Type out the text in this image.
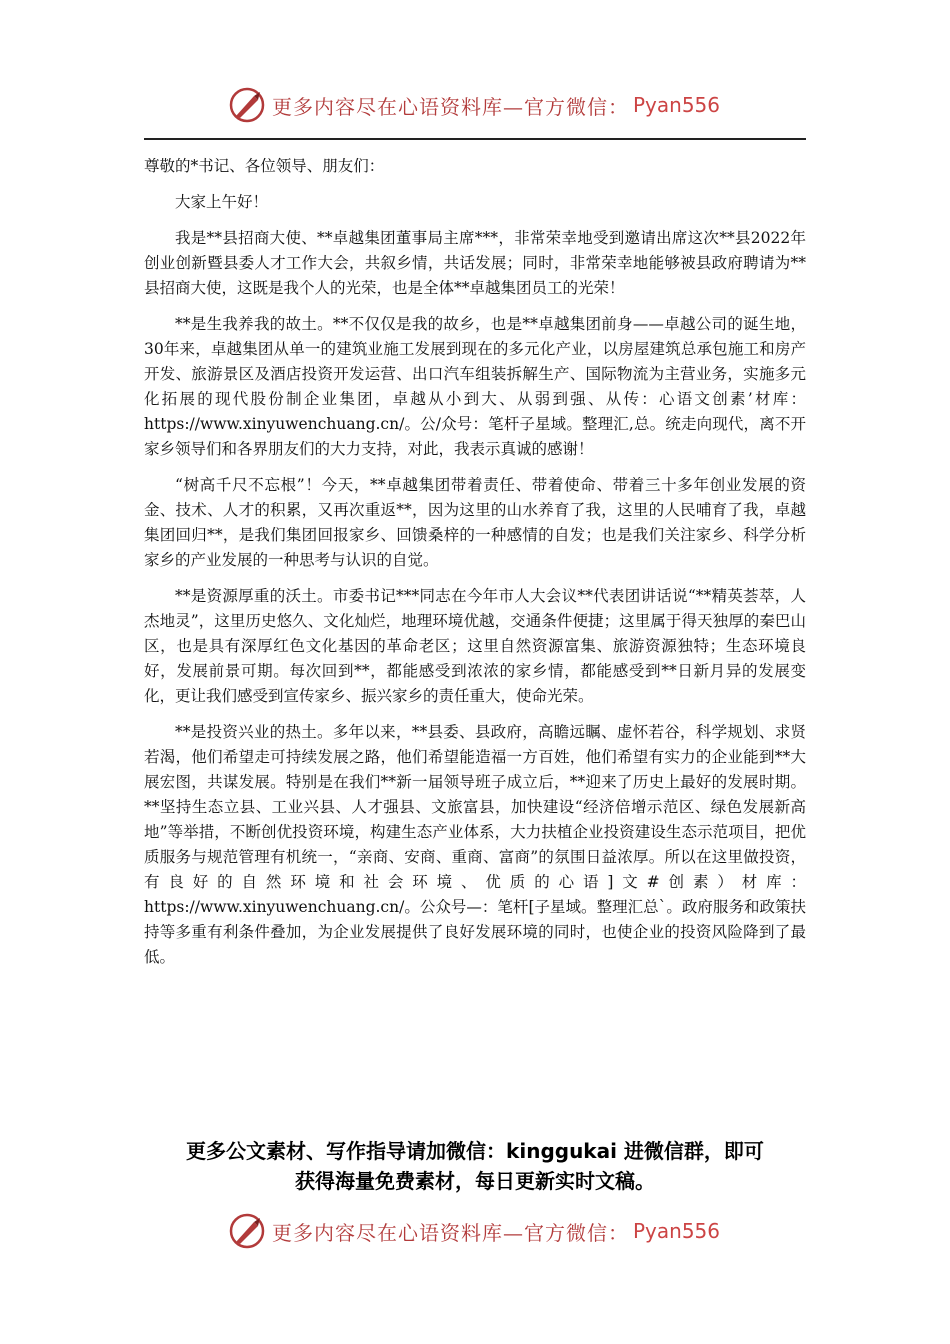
更多内容尽在心语资料库—官方微信： Pyan556

尊敬的*书记、各位领导、朋友们：

大家上午好！

我是**县招商大使、**卓越集团董事局主席***，非常荣幸地受到邀请出席这次**县2022年创业创新暨县委人才工作大会，共叙乡情，共话发展；同时，非常荣幸地能够被县政府聘请为**县招商大使，这既是我个人的光荣，也是全体**卓越集团员工的光荣！

**是生我养我的故土。**不仅仅是我的故乡，也是**卓越集团前身——卓越公司的诞生地，30年来，卓越集团从单一的建筑业施工发展到现在的多元化产业，以房屋建筑总承包施工和房产开发、旅游景区及酒店投资开发运营、出口汽车组装拆解生产、国际物流为主营业务，实施多元化拓展的现代股份制企业集团，卓越从小到大、从弱到强、从传：心语文创素’材库：https://www.xinyuwenchuang.cn/。公/众号：笔杆子星域。整理汇,总。统走向现代，离不开家乡领导们和各界朋友们的大力支持，对此，我表示真诚的感谢！

“树高千尺不忘根”！今天，**卓越集团带着责任、带着使命、带着三十多年创业发展的资金、技术、人才的积累，又再次重返**，因为这里的山水养育了我，这里的人民哺育了我，卓越集团回归**，是我们集团回报家乡、回馈桑梓的一种感情的自发；也是我们关注家乡、科学分析家乡的产业发展的一种思考与认识的自觉。

**是资源厚重的沃土。市委书记***同志在今年市人大会议**代表团讲话说“**精英荟萃，人杰地灵”，这里历史悠久、文化灿烂，地理环境优越，交通条件便捷；这里属于得天独厚的秦巴山区，也是具有深厚红色文化基因的革命老区；这里自然资源富集、旅游资源独特；生态环境良好，发展前景可期。每次回到**，都能感受到浓浓的家乡情，都能感受到**日新月异的发展变化，更让我们感受到宣传家乡、振兴家乡的责任重大，使命光荣。

**是投资兴业的热土。多年以来，**县委、县政府，高瞻远瞩、虚怀若谷，科学规划、求贤若渴，他们希望走可持续发展之路，他们希望能造福一方百姓，他们希望有实力的企业能到**大展宏图，共谋发展。特别是在我们**新一届领导班子成立后，**迎来了历史上最好的发展时期。**坚持生态立县、工业兴县、人才强县、文旅富县，加快建设“经济倍增示范区、绿色发展新高地”等举措，不断创优投资环境，构建生态产业体系，大力扶植企业投资建设生态示范项目，把优质服务与规范管理有机统一，“亲商、安商、重商、富商”的氛围日益浓厚。所以在这里做投资，有良好的自然环境和社会环境、优质的心语]文#创素）材库：https://www.xinyuwenchuang.cn/。公众号—：笔杆[子星域。整理汇总`。政府服务和政策扶持等多重有利条件叠加，为企业发展提供了良好发展环境的同时，也使企业的投资风险降到了最低。

更多公文素材、写作指导请加微信：kinggukai 进微信群，即可
获得海量免费素材，每日更新实时文稿。
更多内容尽在心语资料库—官方微信： Pyan556
